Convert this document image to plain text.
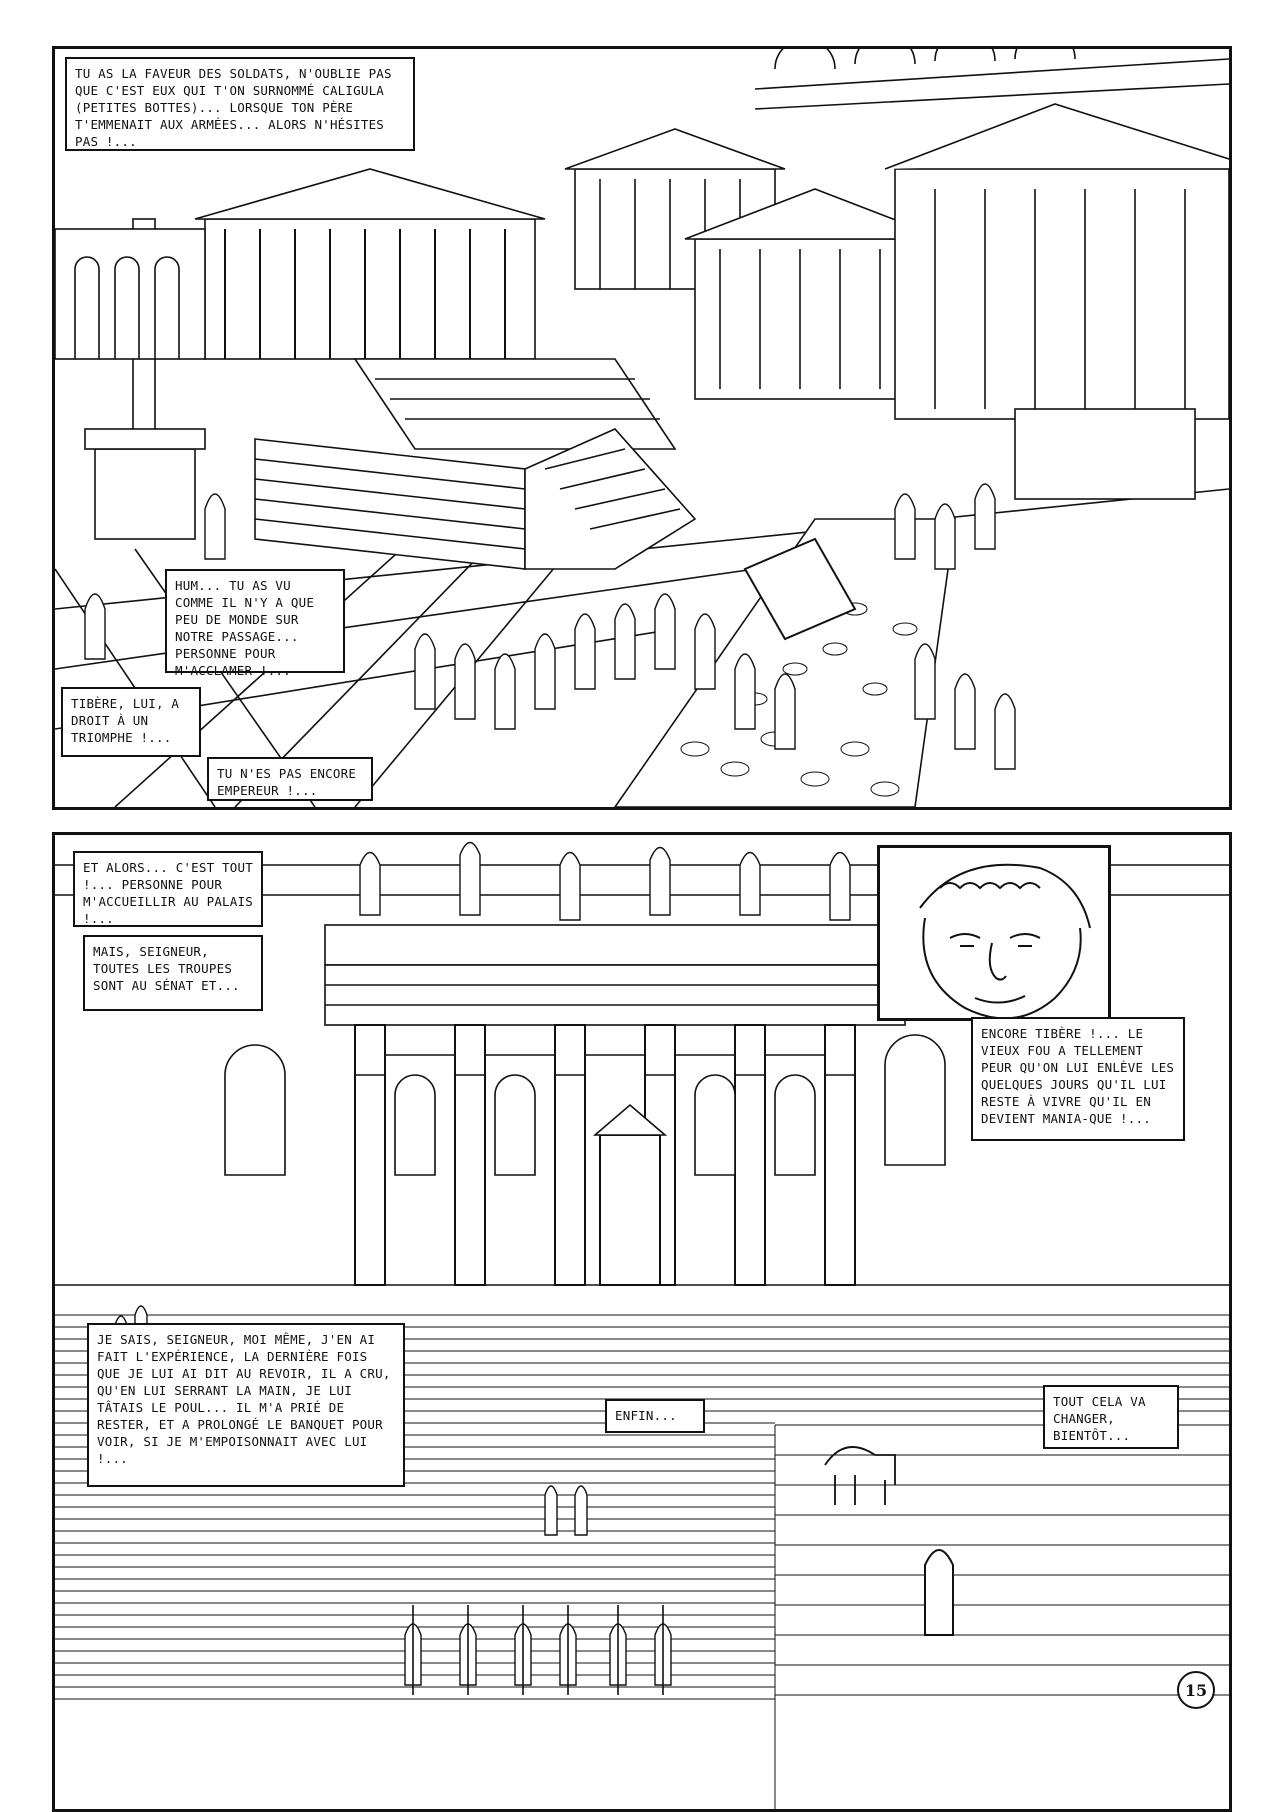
TU AS LA FAVEUR DES SOLDATS, N'OUBLIE PAS QUE C'EST EUX QUI T'ON SURNOMMÉ CALIGULA (PETITES BOTTES)... LORSQUE TON PÈRE T'EMMENAIT AUX ARMÉES... ALORS N'HÉSITES PAS !...
HUM... TU AS VU COMME IL N'Y A QUE PEU DE MONDE SUR NOTRE PASSAGE... PERSONNE POUR M'ACCLAMER !...
TIBÈRE, LUI, A DROIT À UN TRIOMPHE !...
TU N'ES PAS ENCORE EMPEREUR !...
ET ALORS... C'EST TOUT !... PERSONNE POUR M'ACCUEILLIR AU PALAIS !...
MAIS, SEIGNEUR, TOUTES LES TROUPES SONT AU SÉNAT ET...
ENCORE TIBÈRE !... LE VIEUX FOU A TELLEMENT PEUR QU'ON LUI ENLÈVE LES QUELQUES JOURS QU'IL LUI RESTE À VIVRE QU'IL EN DEVIENT MANIA-QUE !...
JE SAIS, SEIGNEUR, MOI MÊME, J'EN AI FAIT L'EXPÉRIENCE, LA DERNIÈRE FOIS QUE JE LUI AI DIT AU REVOIR, IL A CRU, QU'EN LUI SERRANT LA MAIN, JE LUI TÂTAIS LE POUL... IL M'A PRIÉ DE RESTER, ET A PROLONGÉ LE BANQUET POUR VOIR, SI JE M'EMPOISONNAIT AVEC LUI !...
ENFIN...
TOUT CELA VA CHANGER, BIENTÔT...
15
